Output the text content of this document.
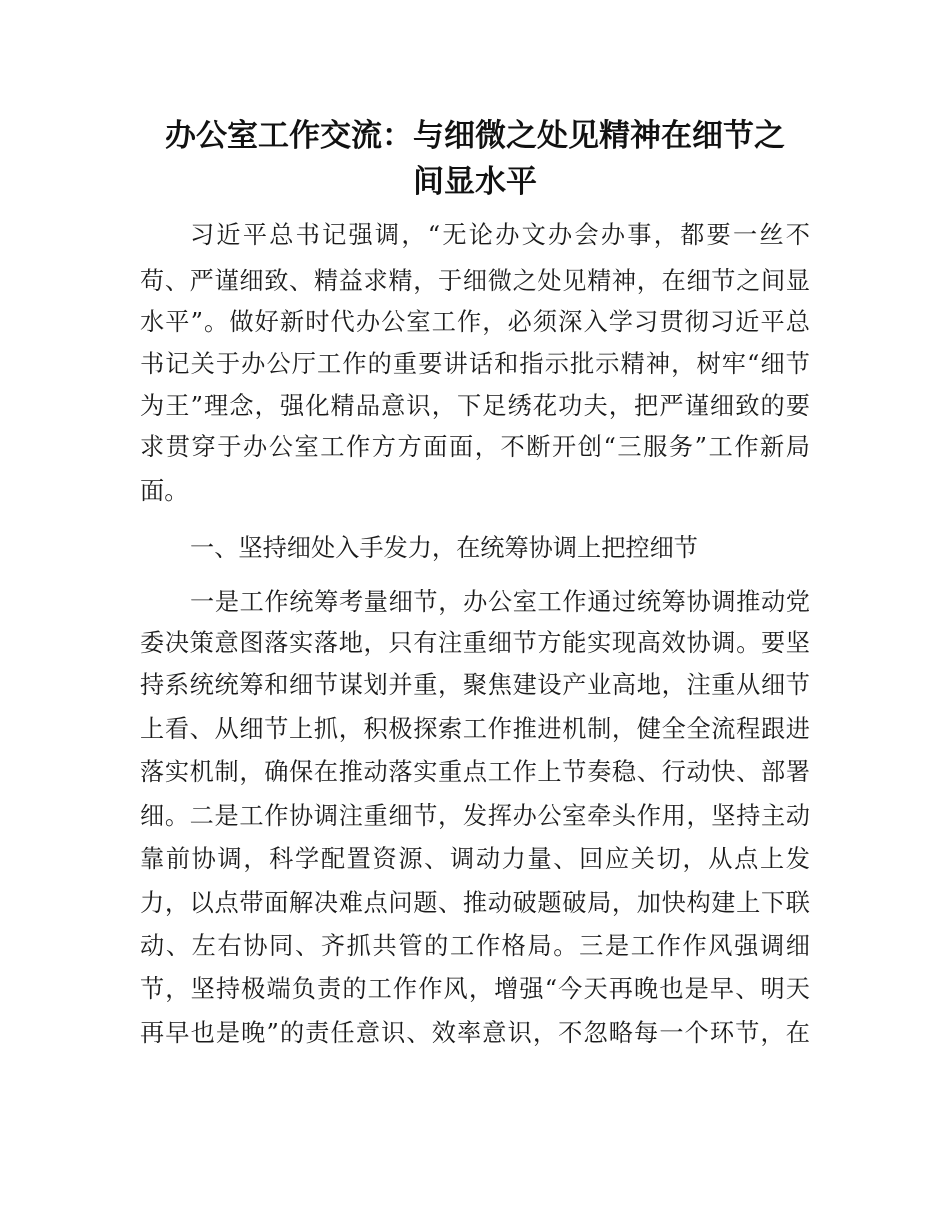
办公室工作交流：与细微之处见精神在细节之
间显水平
习近平总书记强调，“无论办文办会办事，都要一丝不
苟、严谨细致、精益求精，于细微之处见精神，在细节之间显
水平”。做好新时代办公室工作，必须深入学习贯彻习近平总
书记关于办公厅工作的重要讲话和指示批示精神，树牢“细节
为王”理念，强化精品意识，下足绣花功夫，把严谨细致的要
求贯穿于办公室工作方方面面，不断开创“三服务”工作新局
面。
一、坚持细处入手发力，在统筹协调上把控细节
一是工作统筹考量细节，办公室工作通过统筹协调推动党
委决策意图落实落地，只有注重细节方能实现高效协调。要坚
持系统统筹和细节谋划并重，聚焦建设产业高地，注重从细节
上看、从细节上抓，积极探索工作推进机制，健全全流程跟进
落实机制，确保在推动落实重点工作上节奏稳、行动快、部署
细。二是工作协调注重细节，发挥办公室牵头作用，坚持主动
靠前协调，科学配置资源、调动力量、回应关切，从点上发
力，以点带面解决难点问题、推动破题破局，加快构建上下联
动、左右协同、齐抓共管的工作格局。三是工作作风强调细
节，坚持极端负责的工作作风，增强“今天再晚也是早、明天
再早也是晚”的责任意识、效率意识，不忽略每一个环节，在
